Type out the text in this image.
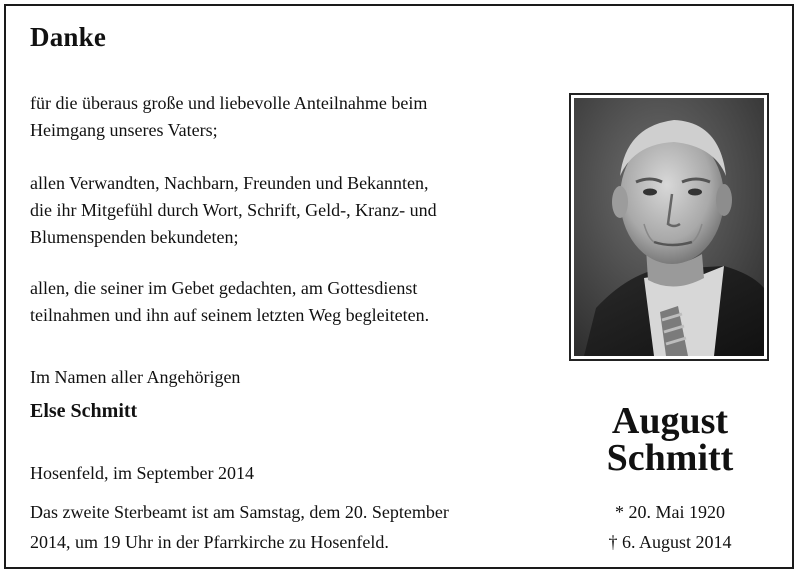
Danke

für die überaus große und liebevolle Anteilnahme beim
Heimgang unseres Vaters;

allen Verwandten, Nachbarn, Freunden und Bekannten,
die ihr Mitgefühl durch Wort, Schrift, Geld-, Kranz- und
Blumenspenden bekundeten;

allen, die seiner im Gebet gedachten, am Gottesdienst
teilnahmen und ihn auf seinem letzten Weg begleiteten.

Im Namen aller Angehörigen

Else Schmitt

Hosenfeld, im September 2014

Das zweite Sterbeamt ist am Samstag, dem 20. September
2014, um 19 Uhr in der Pfarrkirche zu Hosenfeld.

August
Schmitt

* 20. Mai 1920
† 6. August 2014
